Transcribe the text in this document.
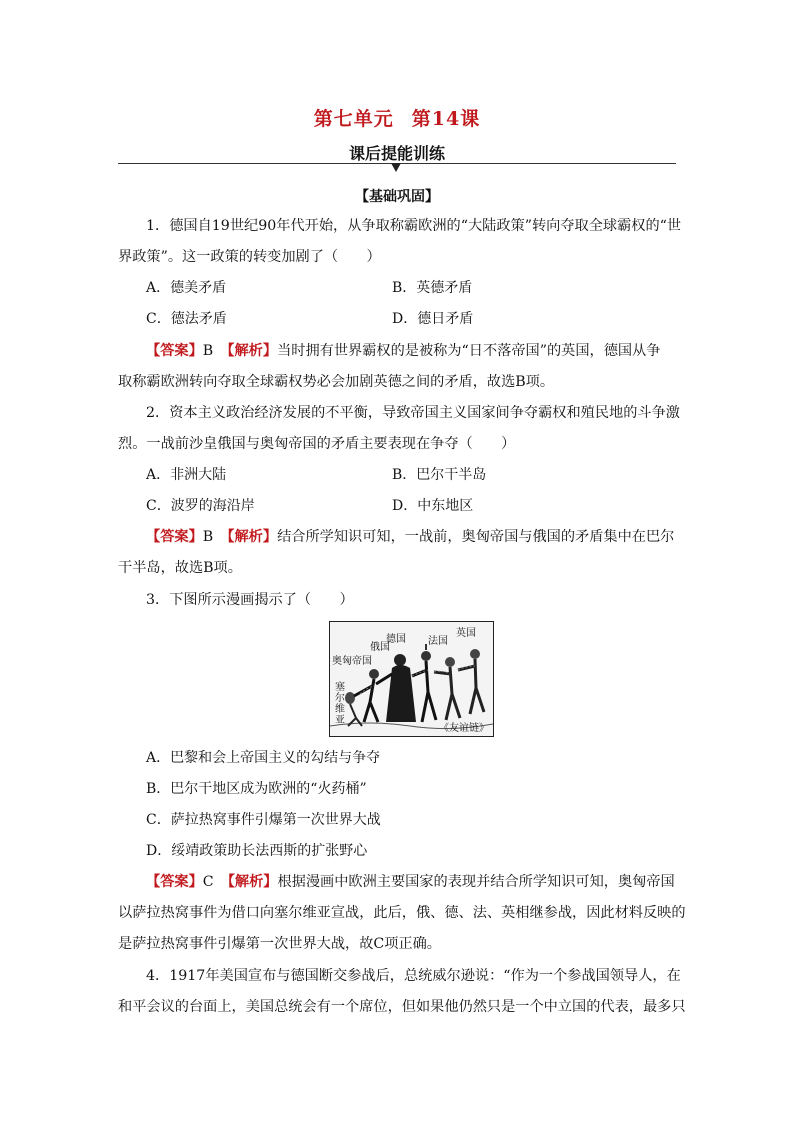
第七单元 第14课
课后提能训练
【基础巩固】
1．德国自19世纪90年代开始，从争取称霸欧洲的“大陆政策”转向夺取全球霸权的“世
界政策”。这一政策的转变加剧了（　　）
A．德美矛盾	B．英德矛盾
C．德法矛盾	D．德日矛盾
【答案】B　 【解析】当时拥有世界霸权的是被称为“日不落帝国”的英国，德国从争
取称霸欧洲转向夺取全球霸权势必会加剧英德之间的矛盾，故选B项。
2．资本主义政治经济发展的不平衡，导致帝国主义国家间争夺霸权和殖民地的斗争激
烈。一战前沙皇俄国与奥匈帝国的矛盾主要表现在争夺（　　）
A．非洲大陆	B．巴尔干半岛
C．波罗的海沿岸	D．中东地区
【答案】B　 【解析】结合所学知识可知，一战前，奥匈帝国与俄国的矛盾集中在巴尔
干半岛，故选B项。
3．下图所示漫画揭示了（　　）
英国
法国
德国
俄国
奥匈帝国
塞
尔
维
亚
《友谊链》
A．巴黎和会上帝国主义的勾结与争夺
B．巴尔干地区成为欧洲的“火药桶”
C．萨拉热窝事件引爆第一次世界大战
D．绥靖政策助长法西斯的扩张野心
【答案】C　 【解析】根据漫画中欧洲主要国家的表现并结合所学知识可知，奥匈帝国
以萨拉热窝事件为借口向塞尔维亚宣战，此后，俄、德、法、英相继参战，因此材料反映的
是萨拉热窝事件引爆第一次世界大战，故C项正确。
4．1917年美国宣布与德国断交参战后，总统威尔逊说：“作为一个参战国领导人，在
和平会议的台面上，美国总统会有一个席位，但如果他仍然只是一个中立国的代表，最多只
